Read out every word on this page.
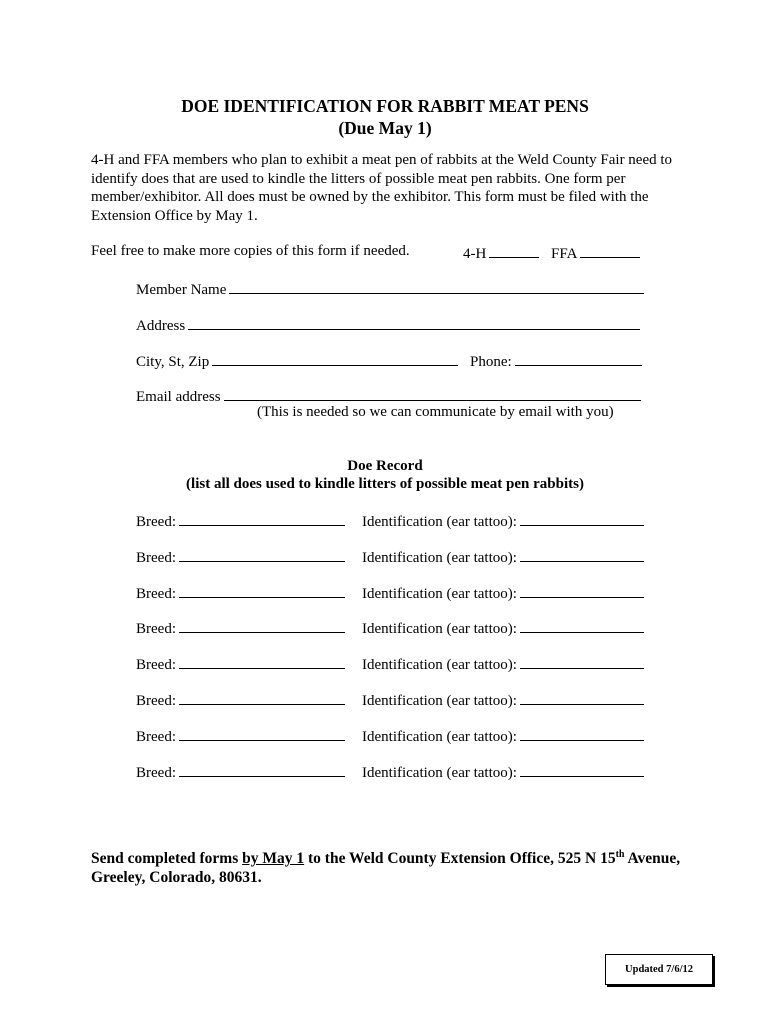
DOE IDENTIFICATION FOR RABBIT MEAT PENS
(Due May 1)
4-H and FFA members who plan to exhibit a meat pen of rabbits at the Weld County Fair need to
identify does that are used to kindle the litters of possible meat pen rabbits. One form per
member/exhibitor. All does must be owned by the exhibitor. This form must be filed with the
Extension Office by May 1.
Feel free to make more copies of this form if needed.	4-H	FFA
Member Name
Address
City, St, Zip	Phone:
Email address
(This is needed so we can communicate by email with you)
Doe Record
(list all does used to kindle litters of possible meat pen rabbits)
Breed:	Identification (ear tattoo):
Breed:	Identification (ear tattoo):
Breed:	Identification (ear tattoo):
Breed:	Identification (ear tattoo):
Breed:	Identification (ear tattoo):
Breed:	Identification (ear tattoo):
Breed:	Identification (ear tattoo):
Breed:	Identification (ear tattoo):
Send completed forms by May 1 to the Weld County Extension Office, 525 N 15th Avenue,
Greeley, Colorado, 80631.
Updated 7/6/12
